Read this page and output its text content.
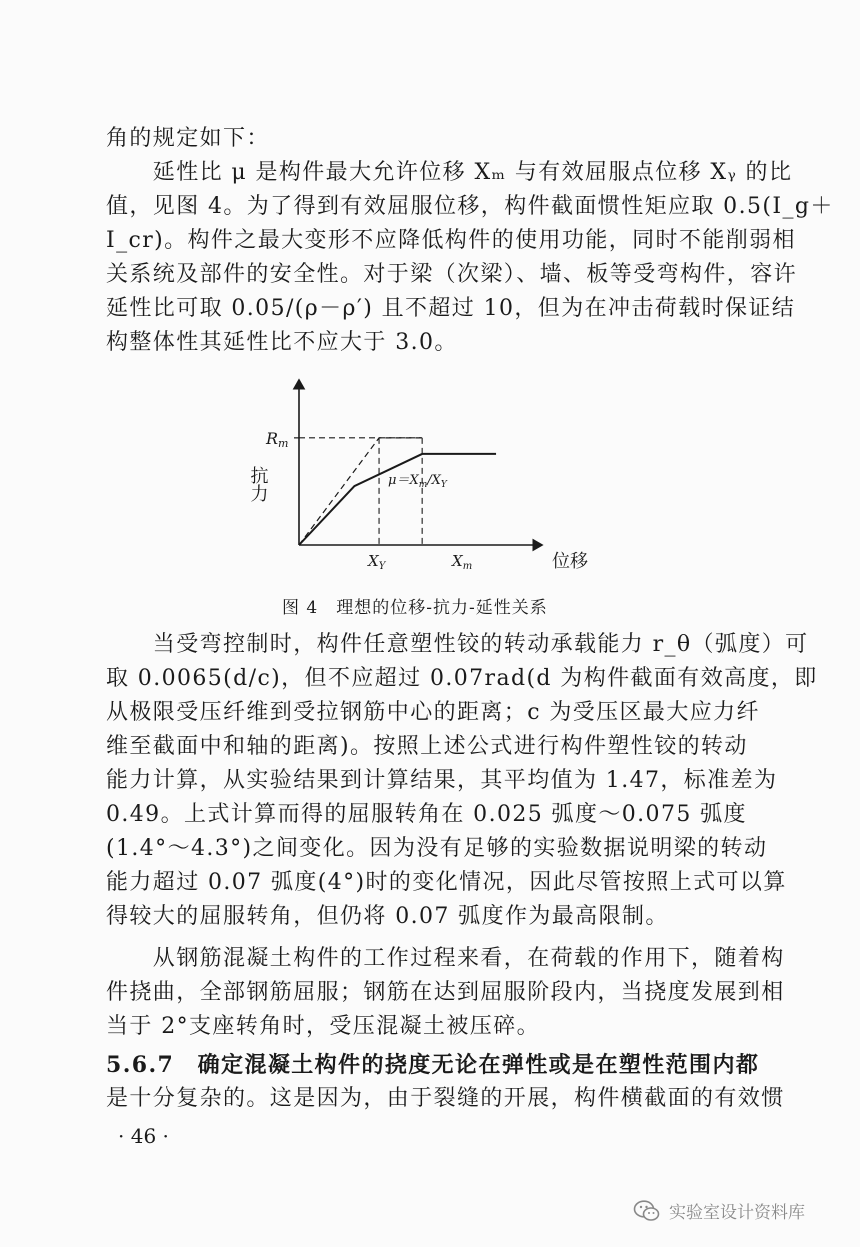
角的规定如下：
　　延性比 μ 是构件最大允许位移 Xₘ 与有效屈服点位移 Xᵧ 的比
值，见图 4。为了得到有效屈服位移，构件截面惯性矩应取 0.5(I_g＋
I_cr)。构件之最大变形不应降低构件的使用功能，同时不能削弱相
关系统及部件的安全性。对于梁（次梁）、墙、板等受弯构件，容许
延性比可取 0.05/(ρ－ρ′) 且不超过 10，但为在冲击荷载时保证结
构整体性其延性比不应大于 3.0。
抗力
位移
Rm
$X_Y$	$X_m$
$\mu=X_m/X_Y$
图 4　理想的位移-抗力-延性关系
　　当受弯控制时，构件任意塑性铰的转动承载能力 r_θ（弧度）可
取 0.0065(d/c)，但不应超过 0.07rad(d 为构件截面有效高度，即
从极限受压纤维到受拉钢筋中心的距离；c 为受压区最大应力纤
维至截面中和轴的距离)。按照上述公式进行构件塑性铰的转动
能力计算，从实验结果到计算结果，其平均值为 1.47，标准差为
0.49。上式计算而得的屈服转角在 0.025 弧度～0.075 弧度
(1.4°～4.3°)之间变化。因为没有足够的实验数据说明梁的转动
能力超过 0.07 弧度(4°)时的变化情况，因此尽管按照上式可以算
得较大的屈服转角，但仍将 0.07 弧度作为最高限制。
　　从钢筋混凝土构件的工作过程来看，在荷载的作用下，随着构
件挠曲，全部钢筋屈服；钢筋在达到屈服阶段内，当挠度发展到相
当于 2°支座转角时，受压混凝土被压碎。
5.6.7　确定混凝土构件的挠度无论在弹性或是在塑性范围内都
是十分复杂的。这是因为，由于裂缝的开展，构件横截面的有效惯
· 46 ·
实验室设计资料库
